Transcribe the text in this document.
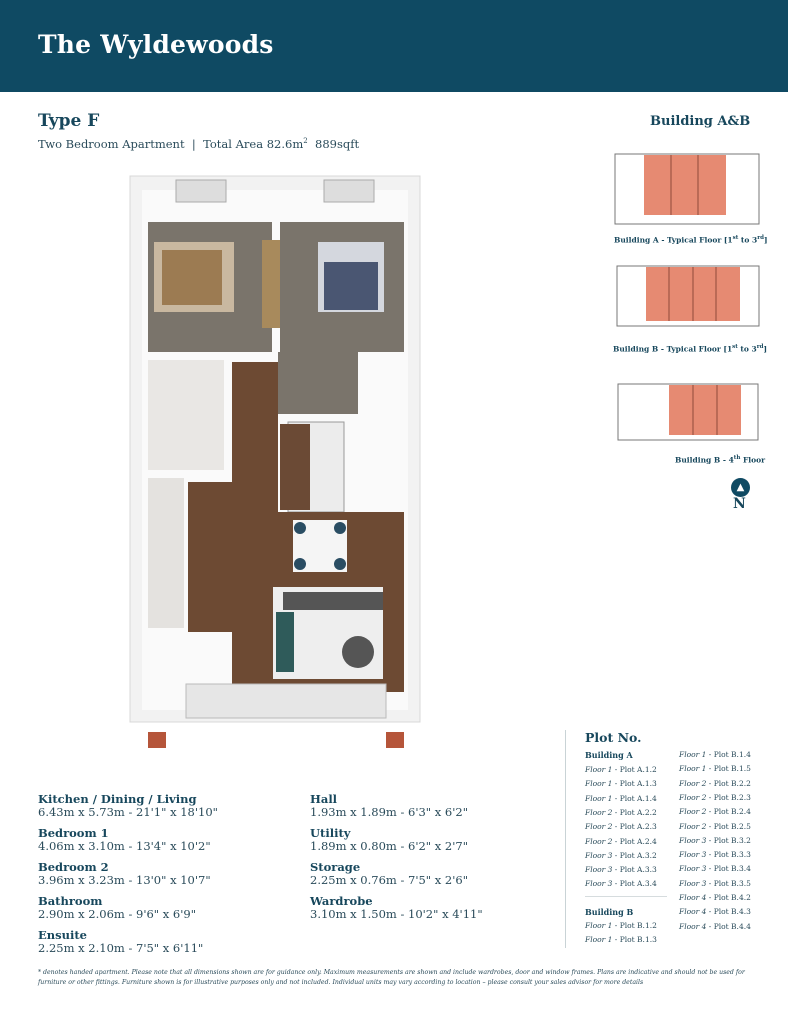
The Wyldewoods
Type F
Two Bedroom Apartment | Total Area $82.6m^2$ 889sqft
Building A&B
Building A - Typical Floor [1st to 3rd]
Building B - Typical Floor [1st to 3rd]
Building B - 4th Floor
▲
N
Kitchen / Dining / Living
6.43m x 5.73m - 21'1" x 18'10"
Bedroom 1
4.06m x 3.10m - 13'4" x 10'2"
Bedroom 2
3.96m x 3.23m - 13'0" x 10'7"
Bathroom
2.90m x 2.06m - 9'6" x 6'9"
Ensuite
2.25m x 2.10m - 7'5" x 6'11"
Hall
1.93m x 1.89m - 6'3" x 6'2"
Utility
1.89m x 0.80m - 6'2" x 2'7"
Storage
2.25m x 0.76m - 7'5" x 2'6"
Wardrobe
3.10m x 1.50m - 10'2" x 4'11"
Plot No.
Building A
Building B
Floor 1 - Plot A.1.2
Floor 1 - Plot A.1.3
Floor 1 - Plot A.1.4
Floor 2 - Plot A.2.2
Floor 2 - Plot A.2.3
Floor 2 - Plot A.2.4
Floor 3 - Plot A.3.2
Floor 3 - Plot A.3.3
Floor 3 - Plot A.3.4
Floor 1 - Plot B.1.2
Floor 1 - Plot B.1.3
Floor 1 - Plot B.1.4
Floor 1 - Plot B.1.5
Floor 2 - Plot B.2.2
Floor 2 - Plot B.2.3
Floor 2 - Plot B.2.4
Floor 2 - Plot B.2.5
Floor 3 - Plot B.3.2
Floor 3 - Plot B.3.3
Floor 3 - Plot B.3.4
Floor 3 - Plot B.3.5
Floor 4 - Plot B.4.2
Floor 4 - Plot B.4.3
Floor 4 - Plot B.4.4
* denotes handed apartment. Please note that all dimensions shown are for guidance only. Maximum measurements are shown and include wardrobes, door and window frames. Plans are indicative and should not be used for furniture or other fittings. Furniture shown is for illustrative purposes only and not included. Individual units may vary according to location – please consult your sales advisor for more details
